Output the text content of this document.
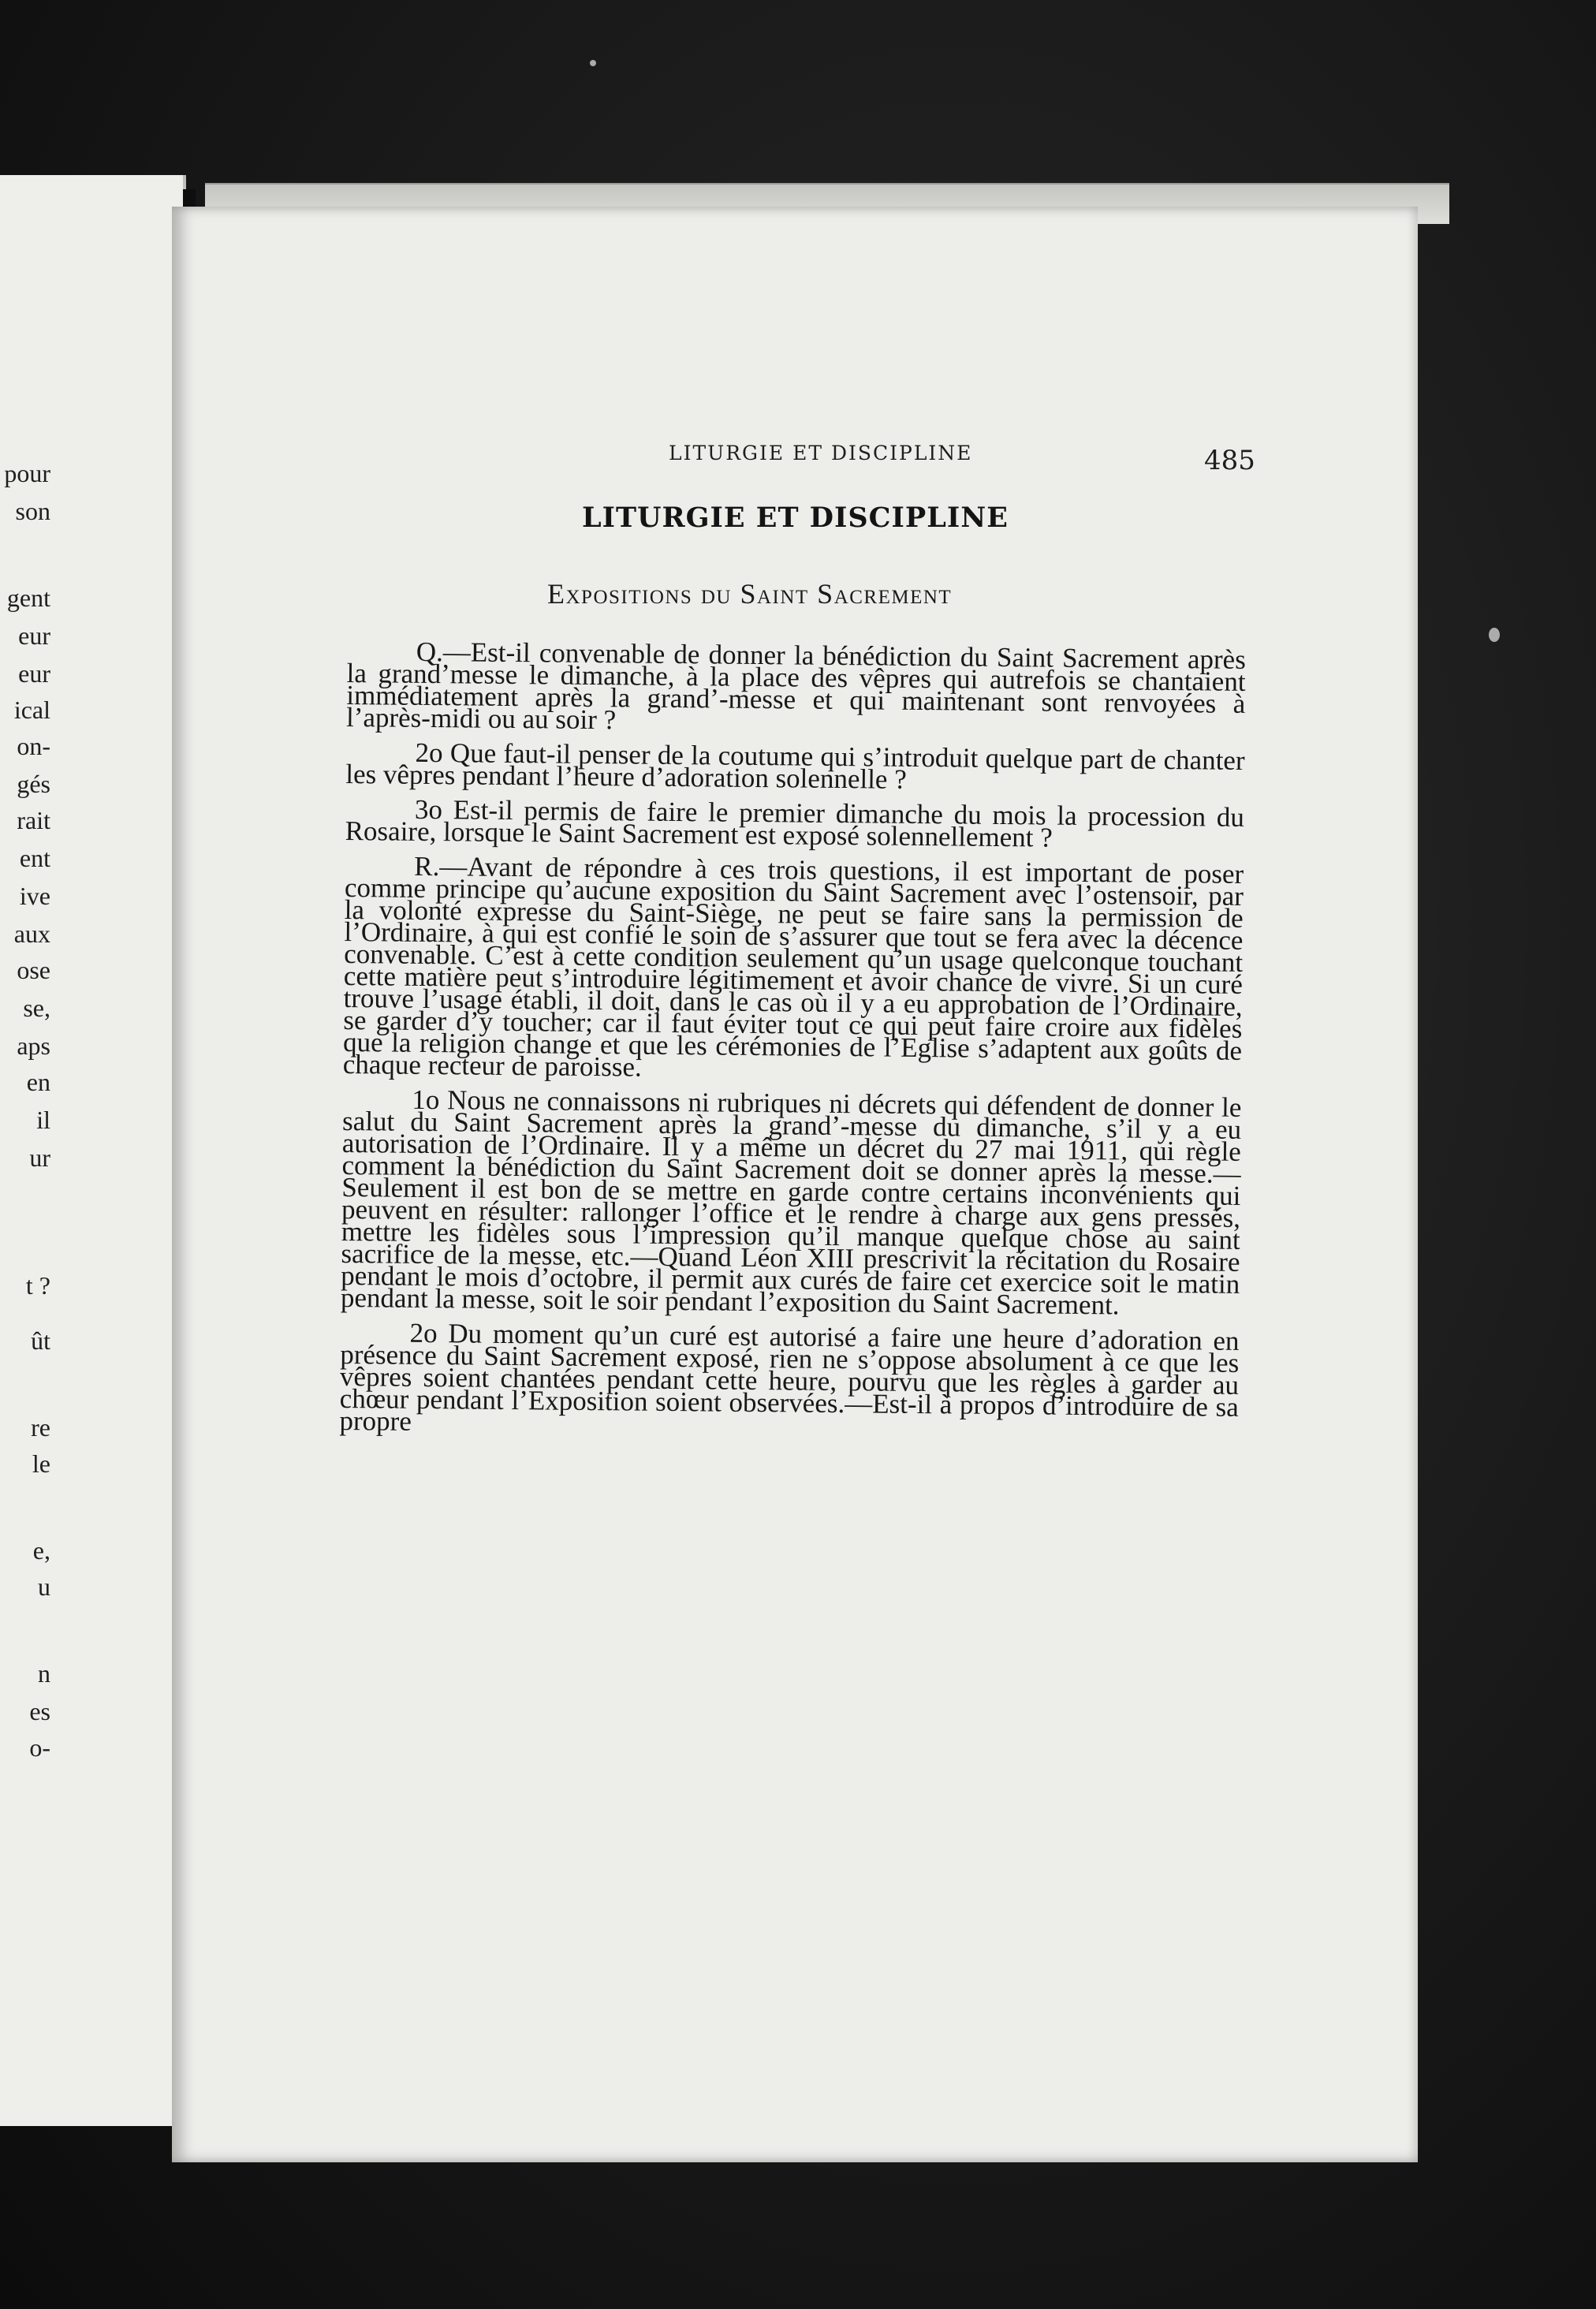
pour
son
gent
eur
eur
ical
on-
gés
rait
ent
ive
aux
ose
se,
aps
en
il
ur
t ?
ût
re
le
e,
u
n
es
o-
LITURGIE ET DISCIPLINE	485
LITURGIE ET DISCIPLINE
Expositions du Saint Sacrement

Q.—Est-il convenable de donner la bénédiction du Saint Sacrement après la grand’messe le dimanche, à la place des vêpres qui autrefois se chantaient immédiatement après la grand’-messe et qui maintenant sont renvoyées à l’après-midi ou au soir ?

2o Que faut-il penser de la coutume qui s’introduit quelque part de chanter les vêpres pendant l’heure d’adoration solennelle ?

3o Est-il permis de faire le premier dimanche du mois la procession du Rosaire, lorsque le Saint Sacrement est exposé solennellement ?

R.—Avant de répondre à ces trois questions, il est important de poser comme principe qu’aucune exposition du Saint Sacrement avec l’ostensoir, par la volonté expresse du Saint-Siège, ne peut se faire sans la permission de l’Ordinaire, à qui est confié le soin de s’assurer que tout se fera avec la décence convenable. C’est à cette condition seulement qu’un usage quelconque touchant cette matière peut s’introduire légitimement et avoir chance de vivre. Si un curé trouve l’usage établi, il doit, dans le cas où il y a eu approbation de l’Ordinaire, se garder d’y toucher; car il faut éviter tout ce qui peut faire croire aux fidèles que la religion change et que les cérémonies de l’Eglise s’adaptent aux goûts de chaque recteur de paroisse.

1o Nous ne connaissons ni rubriques ni décrets qui défendent de donner le salut du Saint Sacrement après la grand’-messe du dimanche, s’il y a eu autorisation de l’Ordinaire. Il y a même un décret du 27 mai 1911, qui règle comment la bénédiction du Saint Sacrement doit se donner après la messe.—Seulement il est bon de se mettre en garde contre certains inconvénients qui peuvent en résulter: rallonger l’office et le rendre à charge aux gens pressés, mettre les fidèles sous l’impression qu’il manque quelque chose au saint sacrifice de la messe, etc.—Quand Léon XIII prescrivit la récitation du Rosaire pendant le mois d’octobre, il permit aux curés de faire cet exercice soit le matin pendant la messe, soit le soir pendant l’exposition du Saint Sacrement.

2o Du moment qu’un curé est autorisé a faire une heure d’adoration en présence du Saint Sacrement exposé, rien ne s’oppose absolument à ce que les vêpres soient chantées pendant cette heure, pourvu que les règles à garder au chœur pendant l’Exposition soient observées.—Est-il à propos d’introduire de sa propre
